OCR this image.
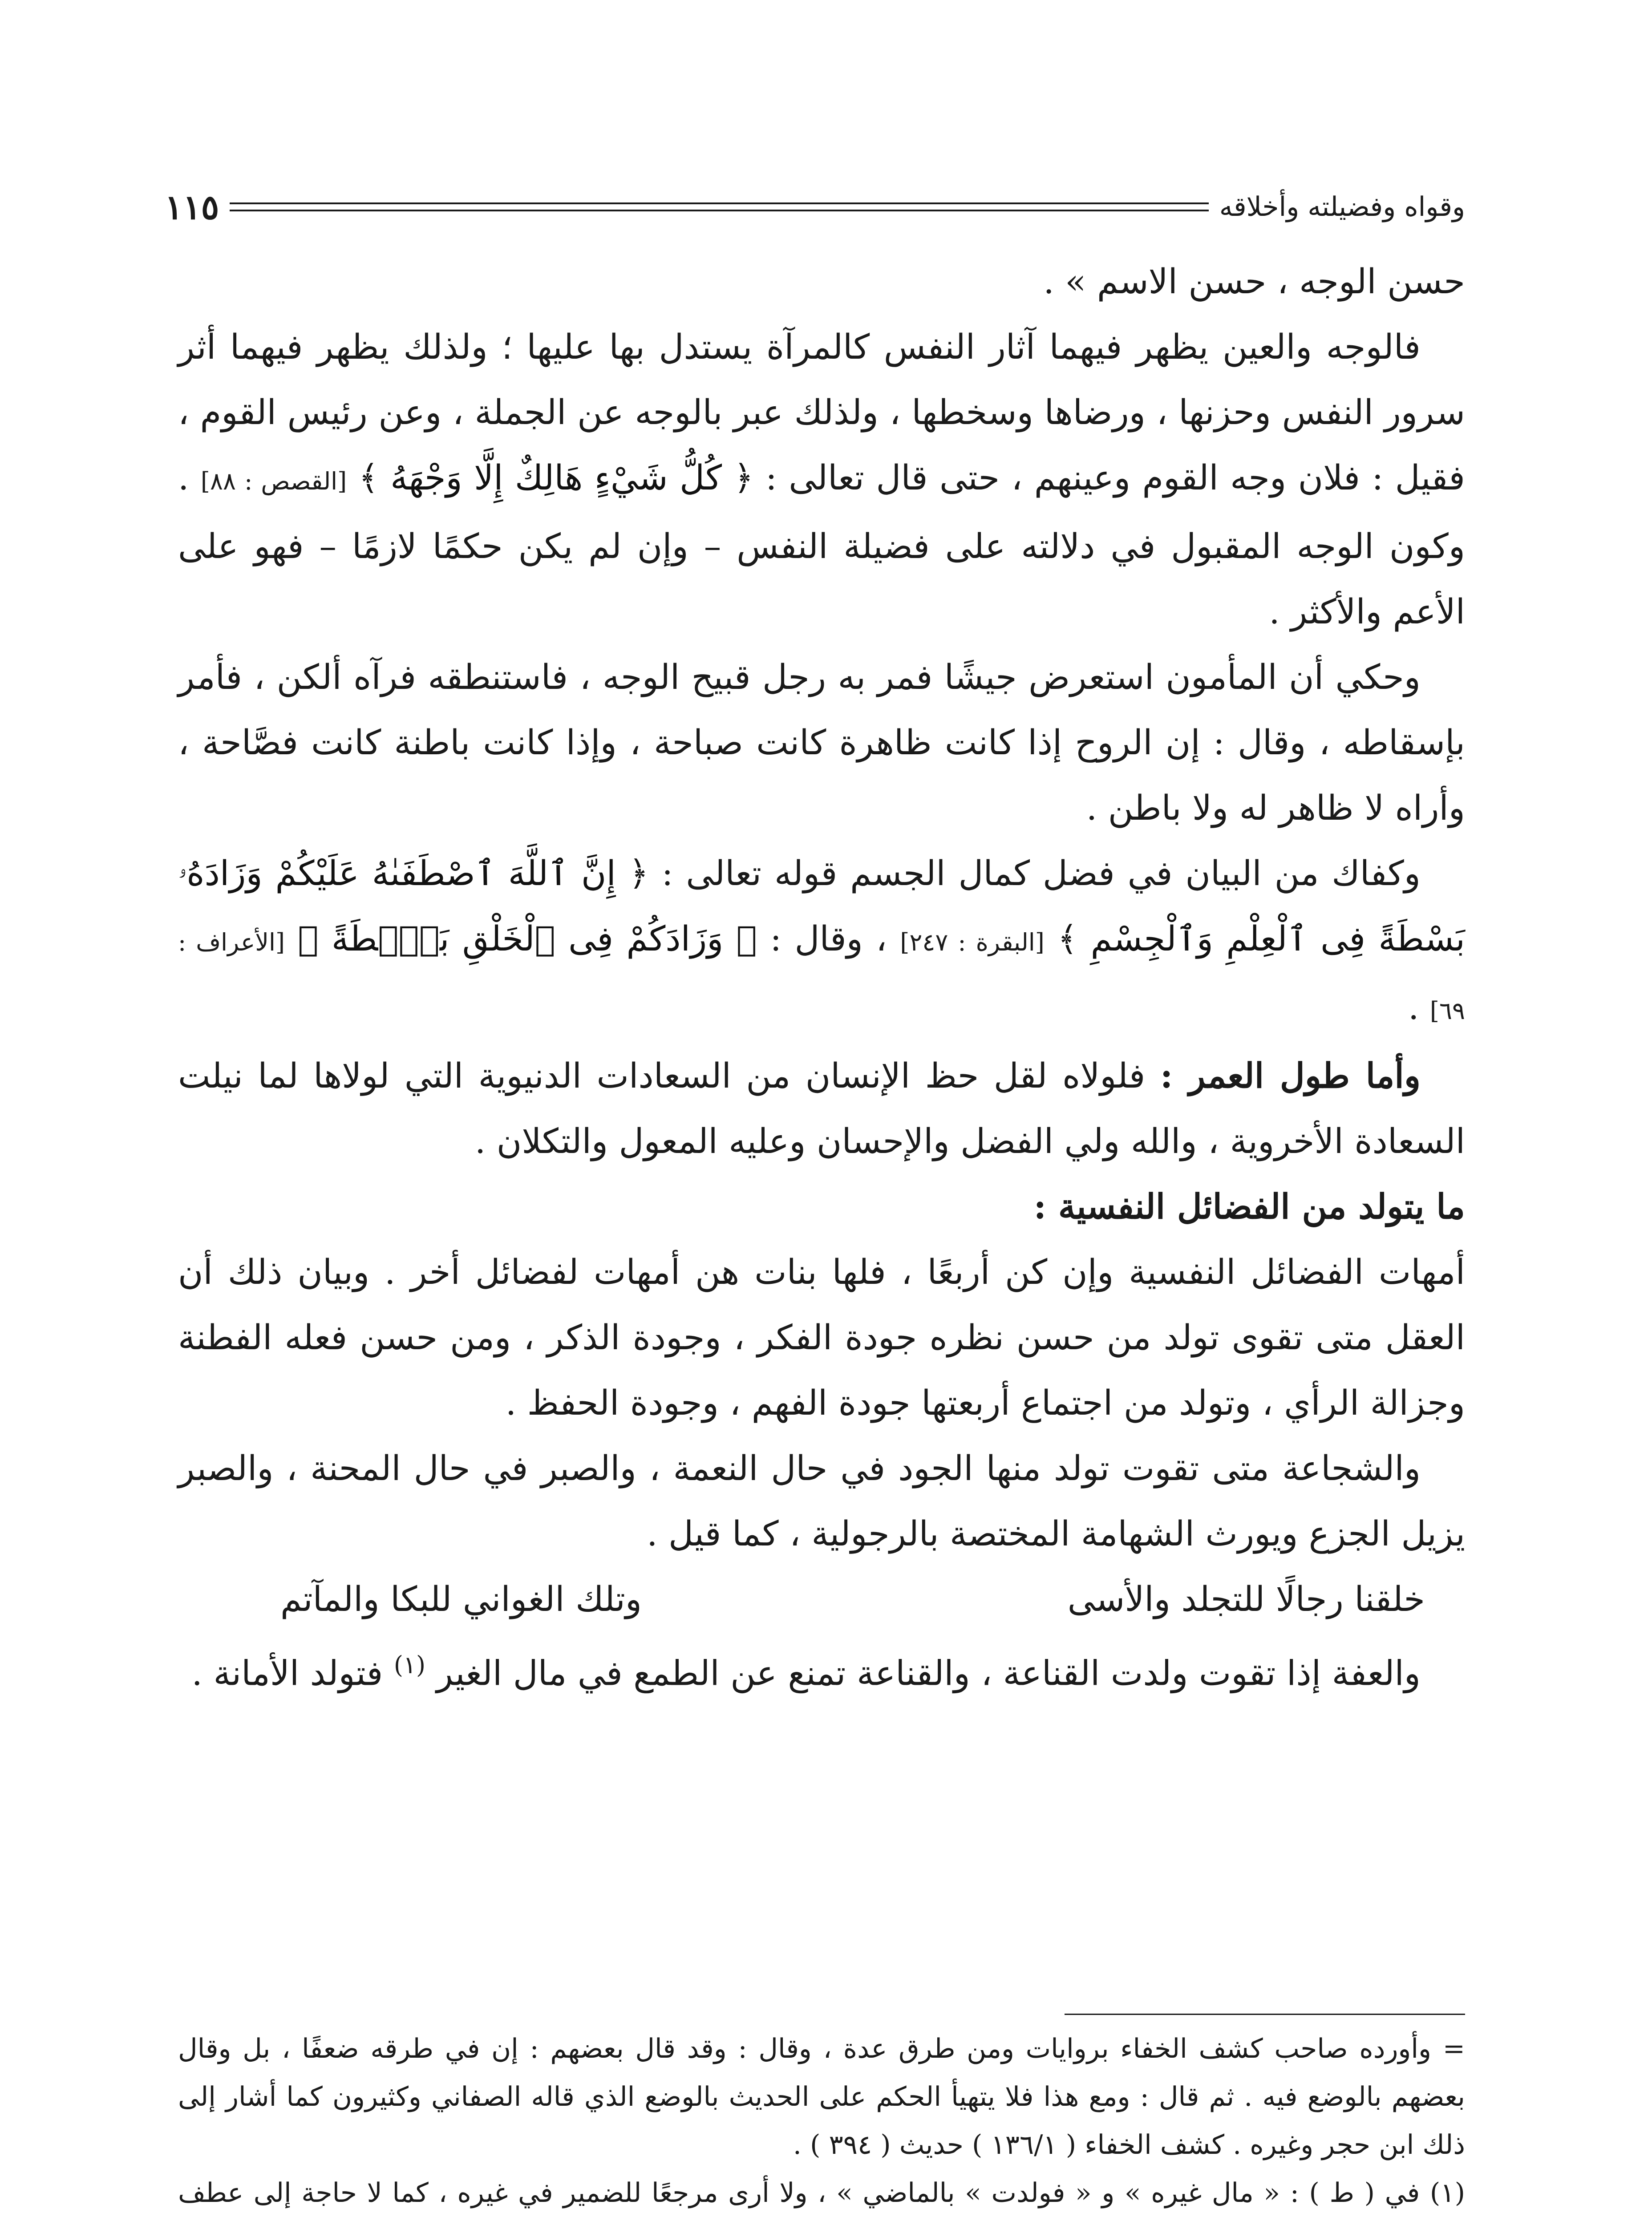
وقواه وفضيلته وأخلاقه
١١٥

حسن الوجه ، حسن الاسم » .

فالوجه والعين يظهر فيهما آثار النفس كالمرآة يستدل بها عليها ؛ ولذلك يظهر فيهما أثر سرور النفس وحزنها ، ورضاها وسخطها ، ولذلك عبر بالوجه عن الجملة ، وعن رئيس القوم ، فقيل : فلان وجه القوم وعينهم ، حتى قال تعالى : ﴿ كُلُّ شَيْءٍ هَالِكٌ إِلَّا وَجْهَهُ ﴾ [القصص : ٨٨] . وكون الوجه المقبول في دلالته على فضيلة النفس – وإن لم يكن حكمًا لازمًا – فهو على الأعم والأكثر .

وحكي أن المأمون استعرض جيشًا فمر به رجل قبيح الوجه ، فاستنطقه فرآه ألكن ، فأمر بإسقاطه ، وقال : إن الروح إذا كانت ظاهرة كانت صباحة ، وإذا كانت باطنة كانت فصَّاحة ، وأراه لا ظاهر له ولا باطن .

وكفاك من البيان في فضل كمال الجسم قوله تعالى : ﴿ إِنَّ ٱللَّهَ ٱصْطَفَىٰهُ عَلَيْكُمْ وَزَادَهُۥ بَسْطَةً فِى ٱلْعِلْمِ وَٱلْجِسْمِ ﴾ [البقرة : ٢٤٧] ، وقال : ﴿ وَزَادَكُمْ فِى ٱلْخَلْقِ بَصْۜطَةً ﴾ [الأعراف : ٦٩] .

وأما طول العمر : فلولاه لقل حظ الإنسان من السعادات الدنيوية التي لولاها لما نيلت السعادة الأخروية ، والله ولي الفضل والإحسان وعليه المعول والتكلان .

ما يتولد من الفضائل النفسية :

أمهات الفضائل النفسية وإن كن أربعًا ، فلها بنات هن أمهات لفضائل أخر . وبيان ذلك أن العقل متى تقوى تولد من حسن نظره جودة الفكر ، وجودة الذكر ، ومن حسن فعله الفطنة وجزالة الرأي ، وتولد من اجتماع أربعتها جودة الفهم ، وجودة الحفظ .

والشجاعة متى تقوت تولد منها الجود في حال النعمة ، والصبر في حال المحنة ، والصبر يزيل الجزع ويورث الشهامة المختصة بالرجولية ، كما قيل .

خلقنا رجالًا للتجلد والأسى
وتلك الغواني للبكا والمآتم

والعفة إذا تقوت ولدت القناعة ، والقناعة تمنع عن الطمع في مال الغير $^{(١)}$ فتولد الأمانة .

= وأورده صاحب كشف الخفاء بروايات ومن طرق عدة ، وقال : وقد قال بعضهم : إن في طرقه ضعفًا ، بل وقال بعضهم بالوضع فيه . ثم قال : ومع هذا فلا يتهيأ الحكم على الحديث بالوضع الذي قاله الصفاني وكثيرون كما أشار إلى ذلك ابن حجر وغيره . كشف الخفاء ( ١٣٦/١ ) حديث ( ٣٩٤ ) .

(١) في ( ط ) : « مال غيره » و « فولدت » بالماضي » ، ولا أرى مرجعًا للضمير في غيره ، كما لا حاجة إلى عطف
